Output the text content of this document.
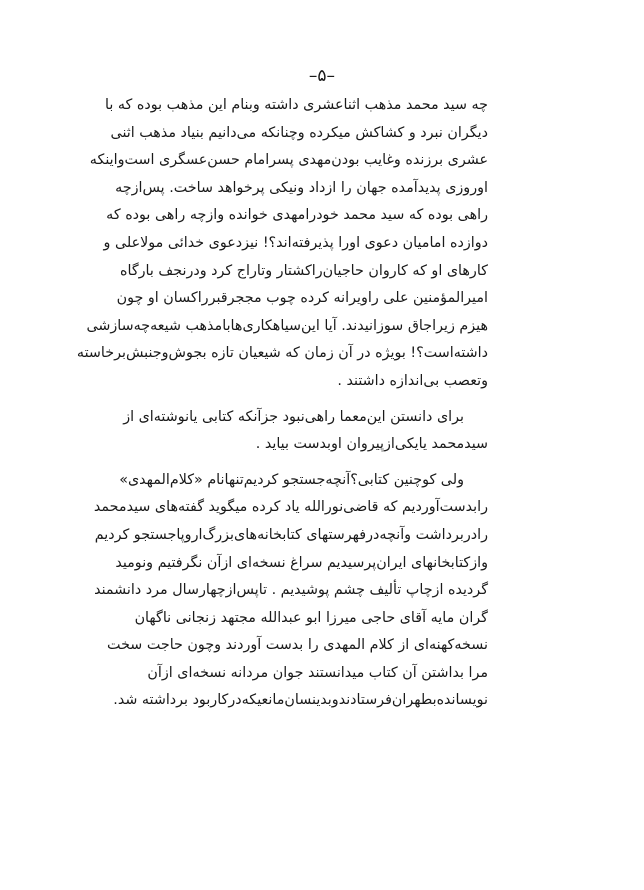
–۵–
چه سید محمد مذهب اثناعشری داشته وبنام این مذهب بوده که با
دیگران نبرد و کشاکش میکرده وچنانکه می‌دانیم بنیاد مذهب اثنی
عشری برزنده وغایب بودن‌مهدی پسرامام حسن‌عسگری است‌واینکه
اوروزی پدیدآمده جهان را ازداد ونیکی پرخواهد ساخت. پس‌ازچه
راهی بوده که سید محمد خودرامهدی خوانده وازچه راهی بوده که
دوازده امامیان دعوی اورا پذیرفته‌اند؟! نیزدعوی خدائی مولاعلی و
کارهای او که کاروان حاجیان‌راکشتار وتاراج کرد ودرنجف بارگاه
امیرالمؤمنین علی راویرانه کرده چوب مججرقبرراکسان او چون
هیزم زیراجاق سوزانیدند. آیا این‌سیاهکاری‌هابامذهب شیعه‌چه‌سازشی
داشته‌است؟! بویژه در آن زمان که شیعیان تازه بجوش‌وجنبش‌برخاسته
وتعصب بی‌اندازه داشتند .
برای دانستن این‌معما راهی‌نبود جزآنکه کتابی یانوشته‌ای از
سیدمحمد یایکی‌ازپیروان اوبدست بیاید .
ولی کوچنین کتابی؟آنچه‌جستجو کردیم‌تنهانام «کلام‌المهدی»
رابدست‌آوردیم که قاضی‌نورالله یاد کرده میگوید گفته‌های سیدمحمد
رادربرداشت وآنچه‌درفهرستهای کتابخانه‌های‌بزرگ‌اروپاجستجو کردیم
وازکتابخانهای ایران‌پرسیدیم سراغ نسخه‌ای ازآن نگرفتیم ونومید
گردیده ازچاپ تألیف چشم پوشیدیم . تاپس‌ازچهارسال مرد دانشمند
گران مایه آقای حاجی میرزا ابو عبدالله مجتهد زنجانی ناگهان
نسخه‌کهنه‌ای از کلام المهدی را بدست آوردند وچون حاجت سخت
مرا بداشتن آن کتاب میدانستند جوان مردانه نسخه‌ای ازآن
نویسانده‌بطهران‌فرستادندوبدینسان‌مانعیکه‌درکاربود برداشته شد.
